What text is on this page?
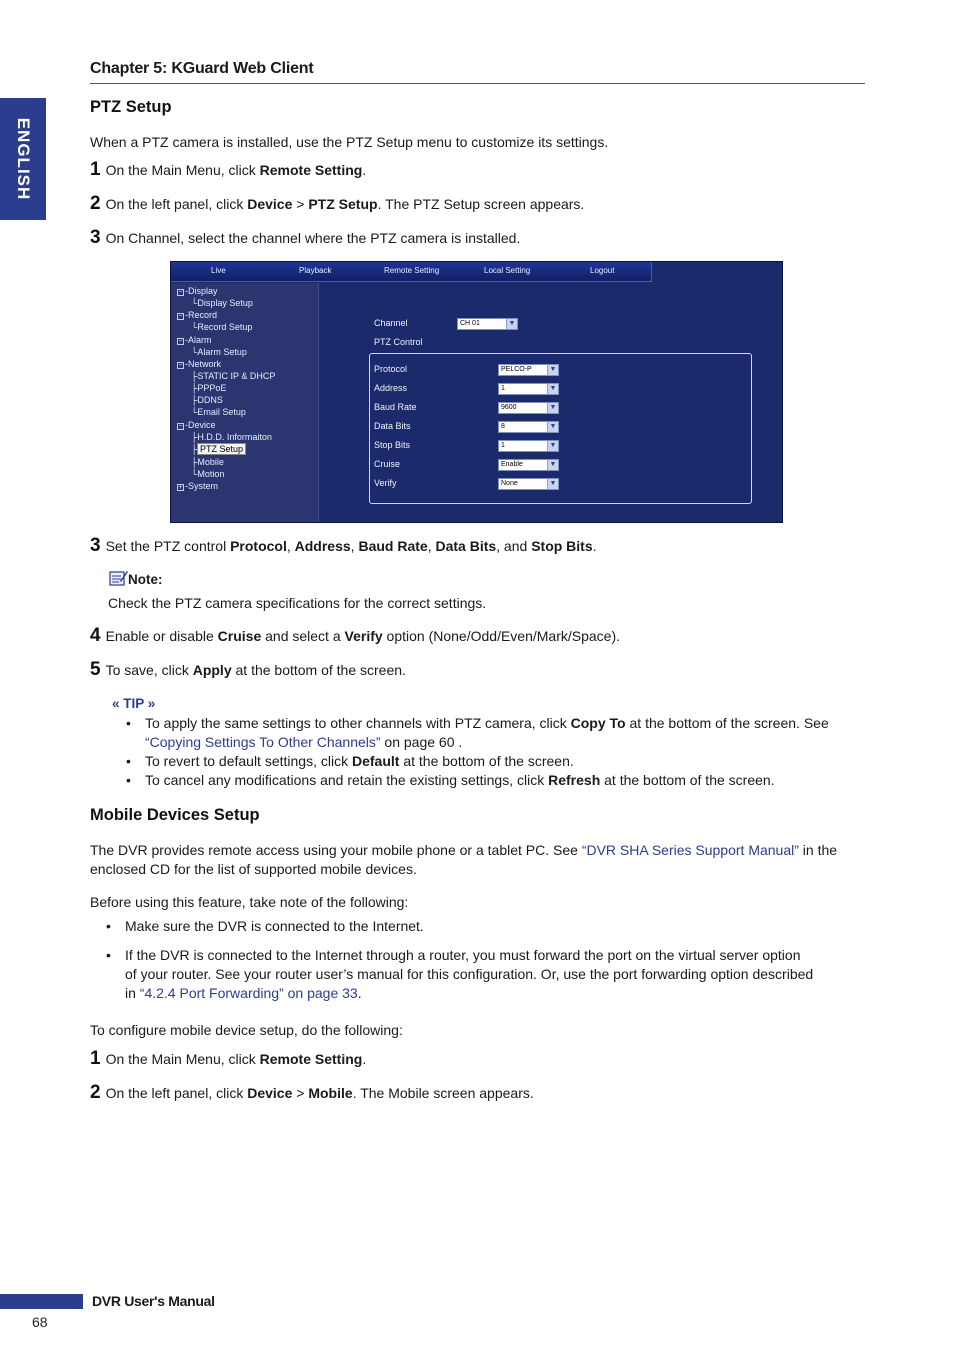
Chapter 5: KGuard Web Client
ENGLISH
PTZ Setup
When a PTZ camera is installed, use the PTZ Setup menu to customize its settings.
1 On the Main Menu, click Remote Setting.
2 On the left panel, click Device > PTZ Setup. The PTZ Setup screen appears.
3 On Channel, select the channel where the PTZ camera is installed.
Live	Playback	Remote Setting	Local Setting	Logout
− -Display
└Display Setup
− -Record
└Record Setup
− -Alarm
└Alarm Setup
− -Network
├STATIC IP & DHCP
├PPPoE
├DDNS
└Email Setup
− -Device
├H.D.D. Informaiton
├ PTZ Setup
├Mobile
└Motion
+ -System
Channel	CH 01	▼
PTZ Control
Protocol	PELCO-P	▼
Address	1	▼
Baud Rate	9600	▼
Data Bits	8	▼
Stop Bits	1	▼
Cruise	Enable	▼
Verify	None	▼
3 Set the PTZ control Protocol, Address, Baud Rate, Data Bits, and Stop Bits.
Note:
Check the PTZ camera specifications for the correct settings.
4 Enable or disable Cruise and select a Verify option (None/Odd/Even/Mark/Space).
5 To save, click Apply at the bottom of the screen.
« TIP »
• To apply the same settings to other channels with PTZ camera, click Copy To at the bottom of the screen. See
“Copying Settings To Other Channels” on page 60 .
• To revert to default settings, click Default at the bottom of the screen.
• To cancel any modifications and retain the existing settings, click Refresh at the bottom of the screen.
Mobile Devices Setup
The DVR provides remote access using your mobile phone or a tablet PC. See “DVR SHA Series Support Manual” in the
enclosed CD for the list of supported mobile devices.
Before using this feature, take note of the following:
• Make sure the DVR is connected to the Internet.
• If the DVR is connected to the Internet through a router, you must forward the port on the virtual server option
of your router. See your router user’s manual for this configuration. Or, use the port forwarding option described
in “4.2.4 Port Forwarding” on page 33.
To configure mobile device setup, do the following:
1 On the Main Menu, click Remote Setting.
2 On the left panel, click Device > Mobile. The Mobile screen appears.
DVR User's Manual
68
